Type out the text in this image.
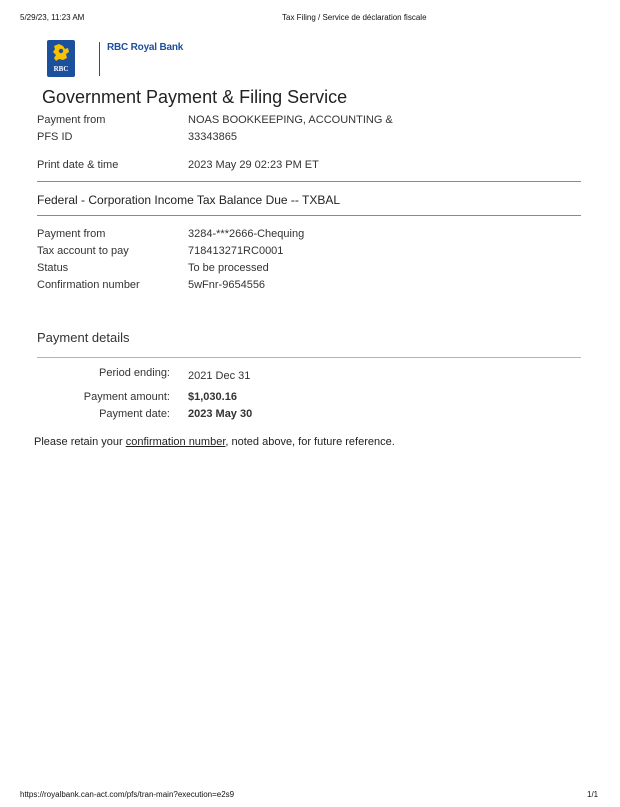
5/29/23, 11:23 AM	Tax Filing / Service de déclaration fiscale
RBC
RBC Royal Bank
Government Payment & Filing Service
Payment from	NOAS BOOKKEEPING, ACCOUNTING &
PFS ID	33343865
Print date & time	2023 May 29 02:23 PM ET
Federal - Corporation Income Tax Balance Due -- TXBAL
Payment from	3284-***2666-Chequing
Tax account to pay	718413271RC0001
Status	To be processed
Confirmation number	5wFnr-9654556
Payment details
Period ending: 2021 Dec 31
Payment amount: $1,030.16
Payment date: 2023 May 30
Please retain your confirmation number, noted above, for future reference.
https://royalbank.can-act.com/pfs/tran-main?execution=e2s9	1/1
